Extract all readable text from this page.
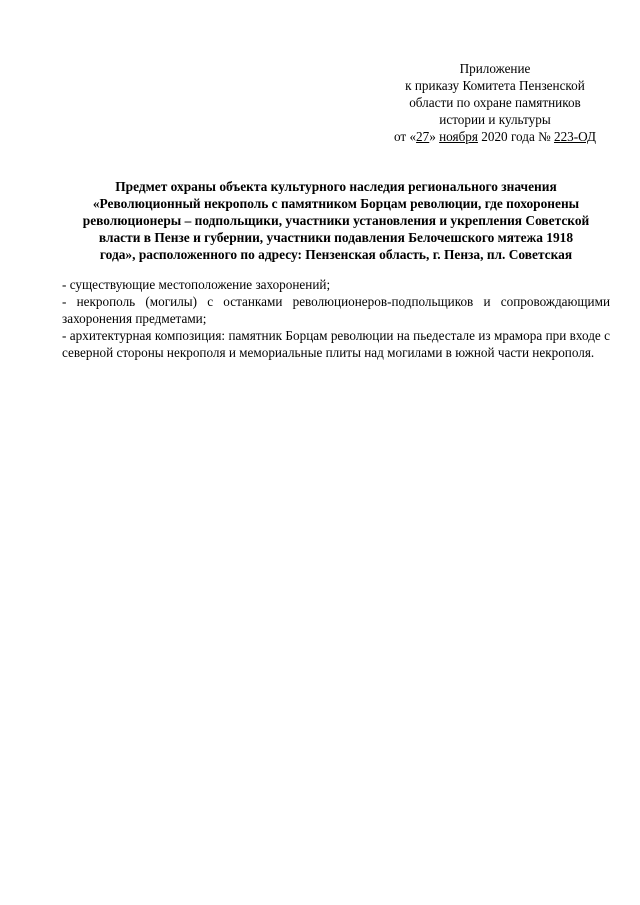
Приложение
к приказу Комитета Пензенской
области по охране памятников
истории и культуры
от «27» ноября 2020 года № 223-ОД
Предмет охраны объекта культурного наследия регионального значения
«Революционный некрополь с памятником Борцам революции, где похоронены
революционеры – подпольщики, участники установления и укрепления Советской
власти в Пензе и губернии, участники подавления Белочешского мятежа 1918
года», расположенного по адресу: Пензенская область, г. Пенза, пл. Советская

- существующие местоположение захоронений;

- некрополь (могилы) с останками революционеров-подпольщиков и сопровождающими захоронения предметами;

- архитектурная композиция: памятник Борцам революции на пьедестале из мрамора при входе с северной стороны некрополя и мемориальные плиты над могилами в южной части некрополя.
